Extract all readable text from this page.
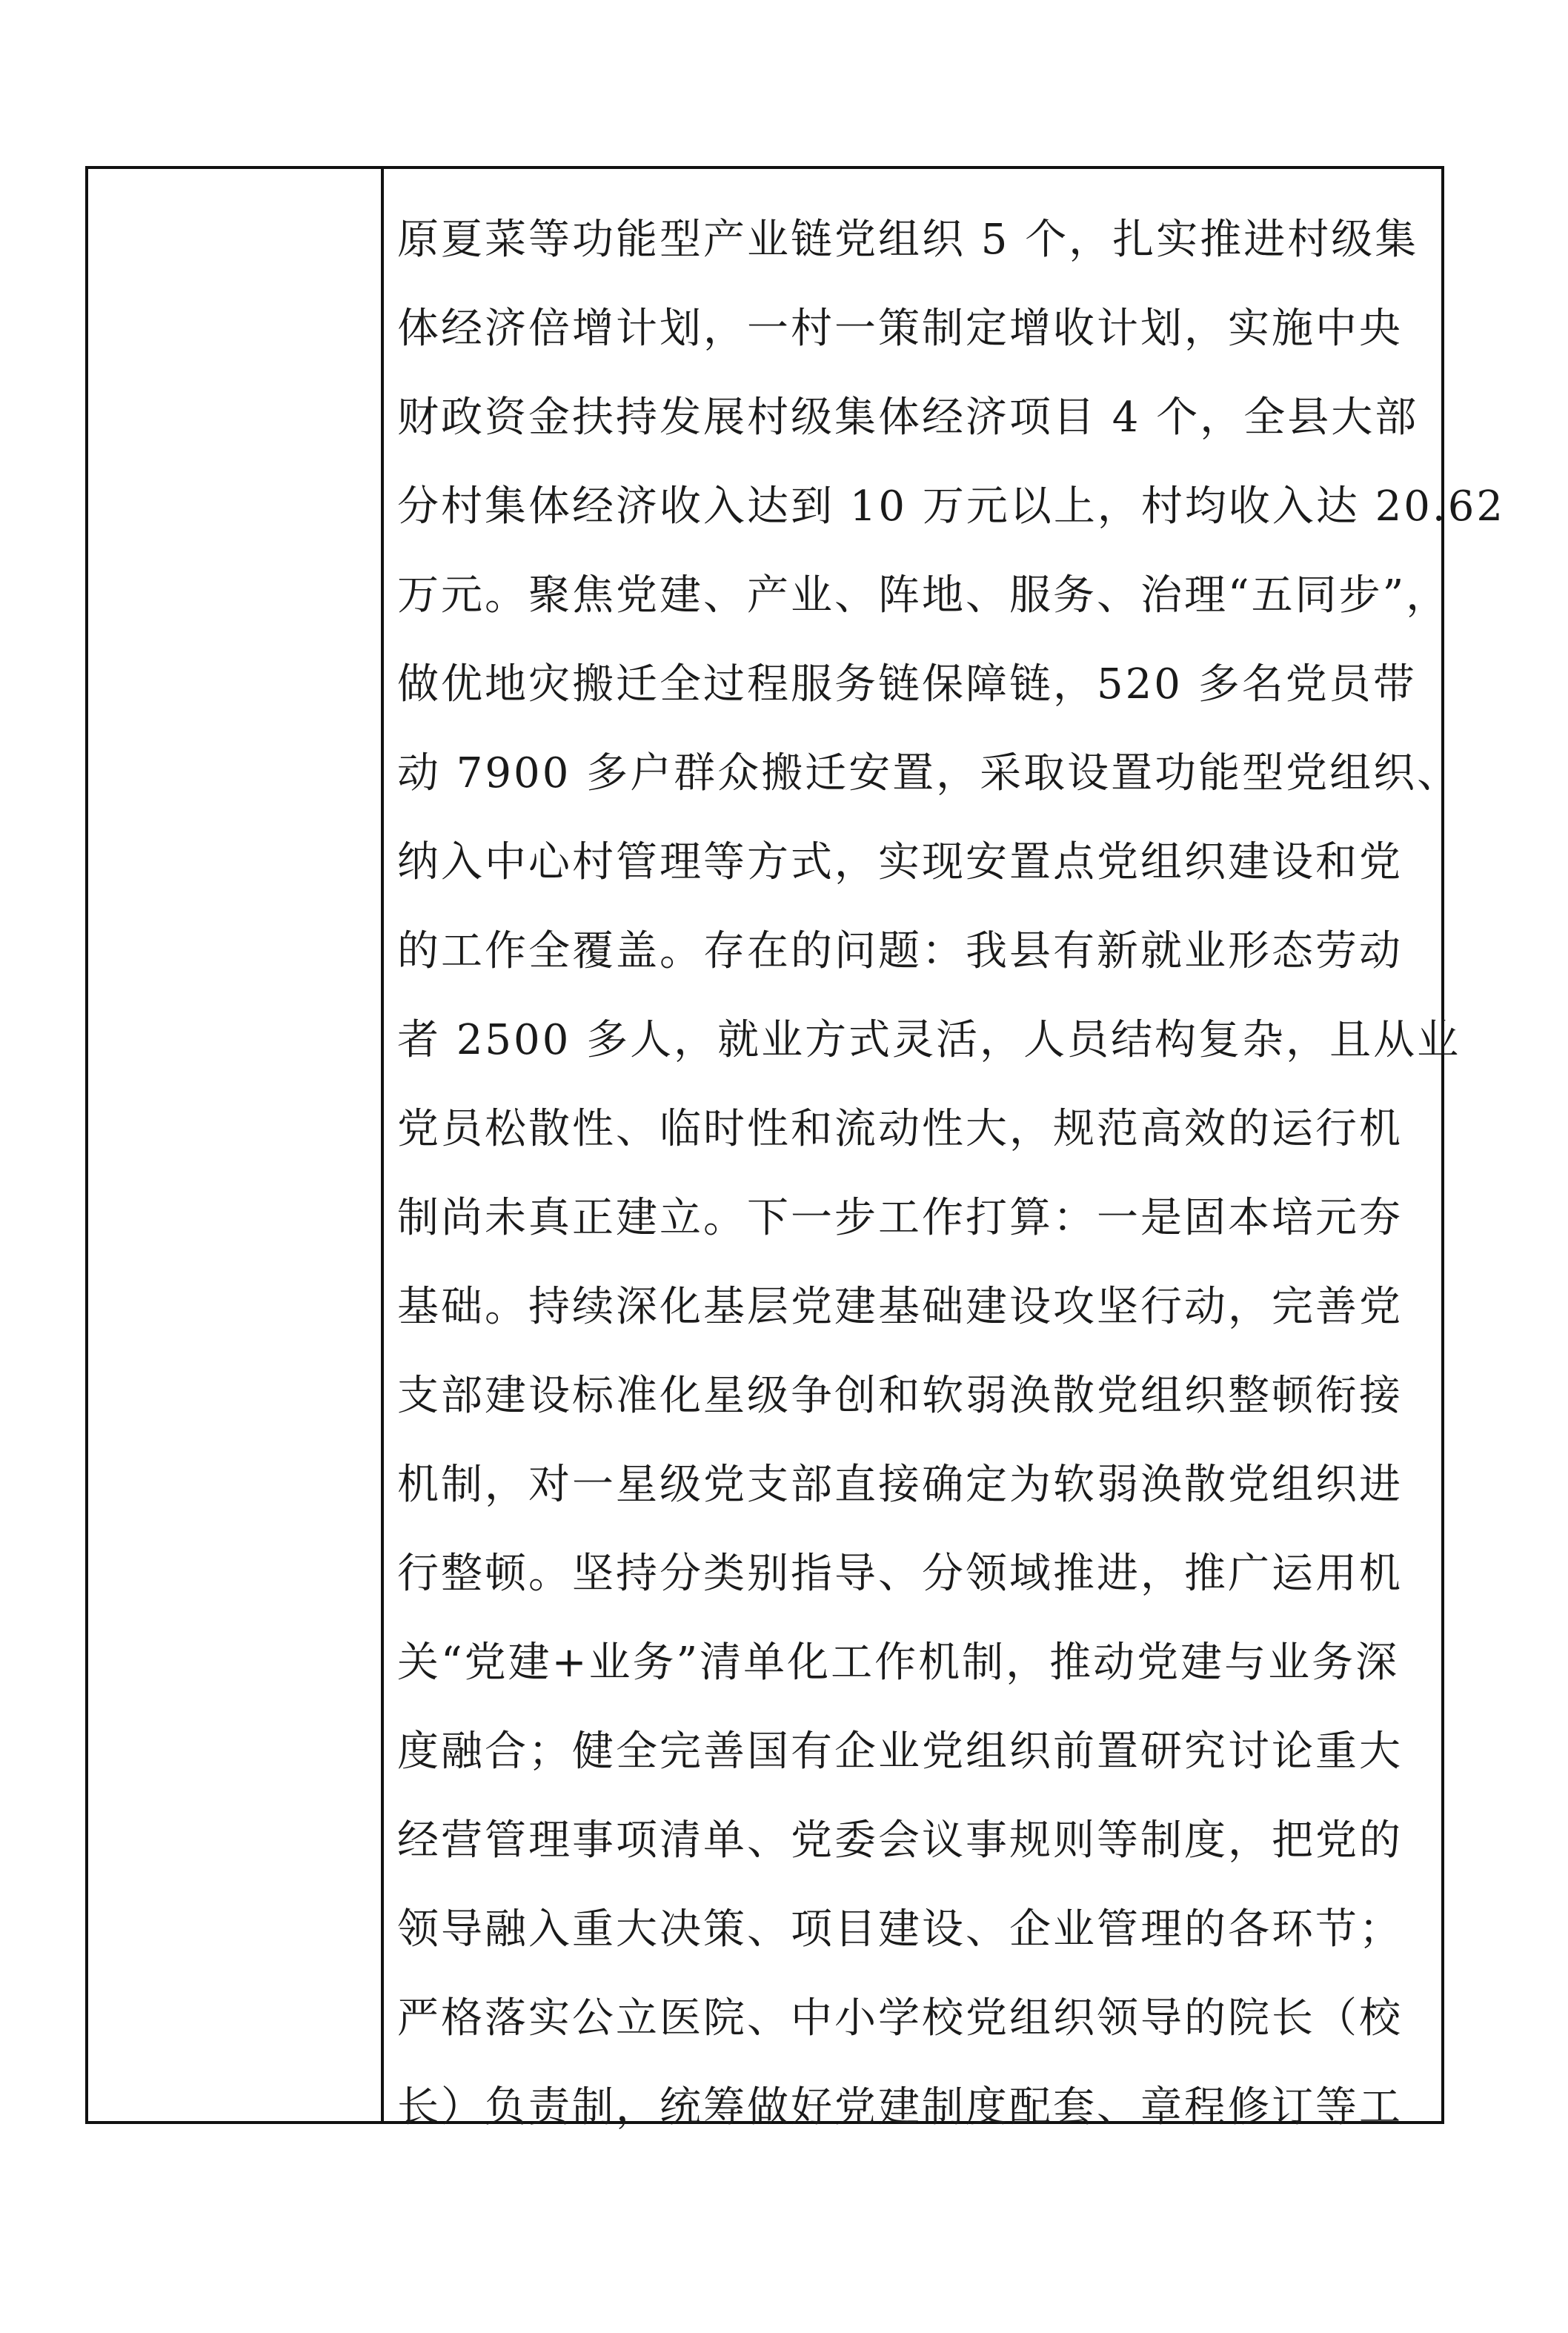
原夏菜等功能型产业链党组织 5 个，扎实推进村级集
体经济倍增计划，一村一策制定增收计划，实施中央
财政资金扶持发展村级集体经济项目 4 个，全县大部
分村集体经济收入达到 10 万元以上，村均收入达 20.62
万元。聚焦党建、产业、阵地、服务、治理“五同步”，
做优地灾搬迁全过程服务链保障链，520 多名党员带
动 7900 多户群众搬迁安置，采取设置功能型党组织、
纳入中心村管理等方式，实现安置点党组织建设和党
的工作全覆盖。存在的问题：我县有新就业形态劳动
者 2500 多人，就业方式灵活，人员结构复杂，且从业
党员松散性、临时性和流动性大，规范高效的运行机
制尚未真正建立。下一步工作打算：一是固本培元夯
基础。持续深化基层党建基础建设攻坚行动，完善党
支部建设标准化星级争创和软弱涣散党组织整顿衔接
机制，对一星级党支部直接确定为软弱涣散党组织进
行整顿。坚持分类别指导、分领域推进，推广运用机
关“党建+业务”清单化工作机制，推动党建与业务深
度融合；健全完善国有企业党组织前置研究讨论重大
经营管理事项清单、党委会议事规则等制度，把党的
领导融入重大决策、项目建设、企业管理的各环节；
严格落实公立医院、中小学校党组织领导的院长（校
长）负责制，统筹做好党建制度配套、章程修订等工
